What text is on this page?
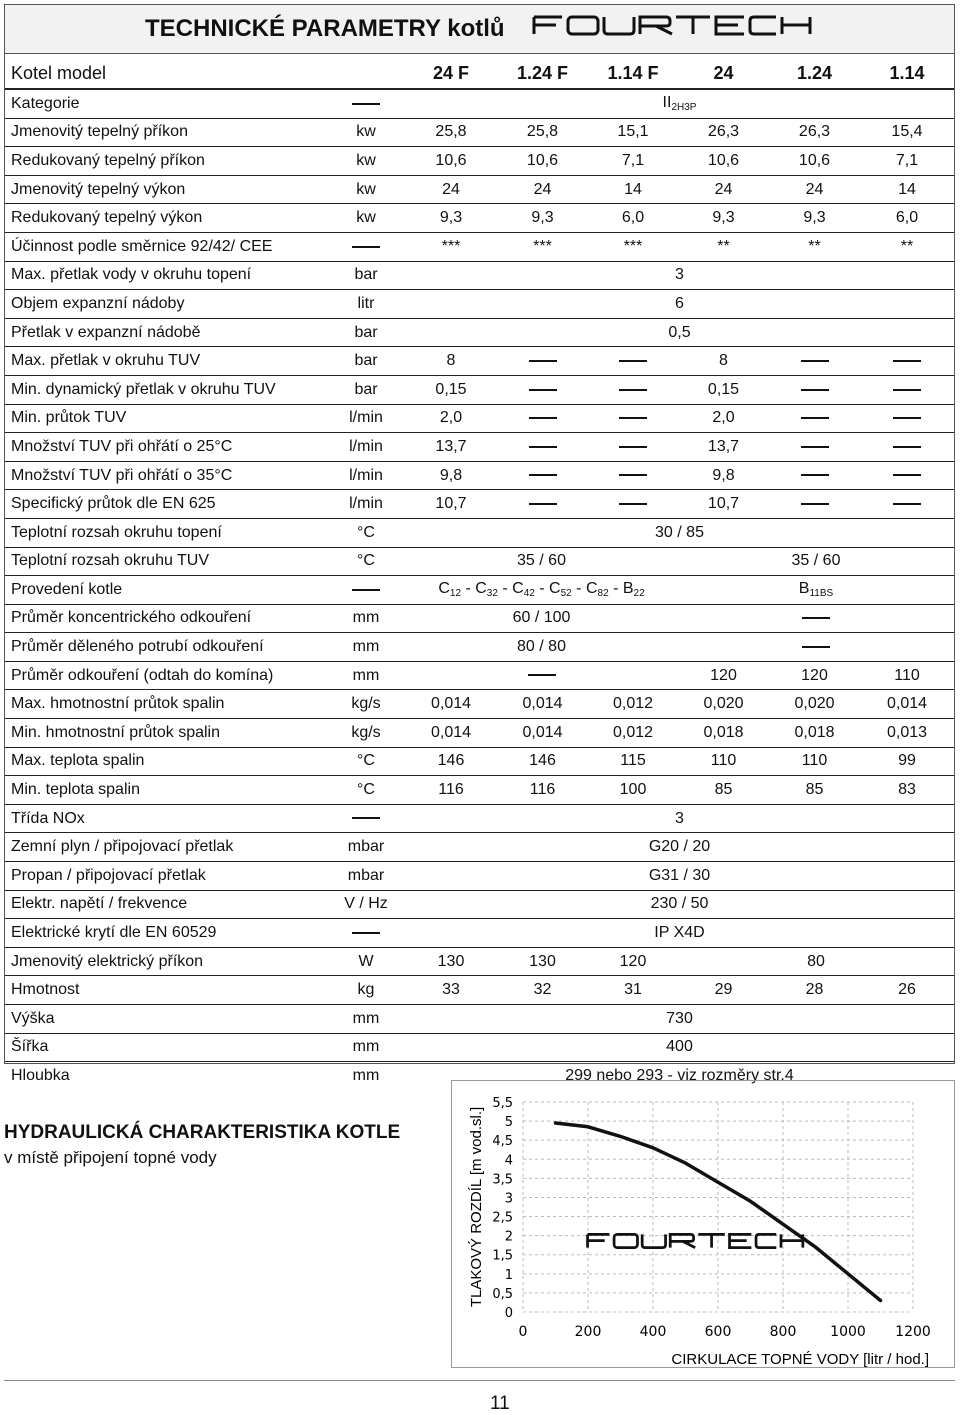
TECHNICKÉ PARAMETRY kotlů
Kotel model		24 F	1.24 F	1.14 F	24	1.24	1.14
Kategorie		$II_{2H3P}$
Jmenovitý tepelný příkon	kw	25,8	25,8	15,1	26,3	26,3	15,4
Redukovaný tepelný příkon	kw	10,6	10,6	7,1	10,6	10,6	7,1
Jmenovitý tepelný výkon	kw	24	24	14	24	24	14
Redukovaný tepelný výkon	kw	9,3	9,3	6,0	9,3	9,3	6,0
Účinnost podle směrnice 92/42/ CEE		***	***	***	**	**	**
Max. přetlak vody v okruhu topení	bar	3					
Objem expanzní nádoby	litr	6					
Přetlak v expanzní nádobě	bar	0,5					
Max. přetlak v okruhu TUV	bar	8			8		
Min. dynamický přetlak v okruhu TUV	bar	0,15			0,15		
Min. průtok TUV	l/min	2,0			2,0		
Množství TUV při ohřátí o 25°C	l/min	13,7			13,7		
Množství TUV při ohřátí o 35°C	l/min	9,8			9,8		
Specifický průtok dle EN 625	l/min	10,7			10,7		
Teplotní rozsah okruhu topení	°C	30 / 85					
Teplotní rozsah okruhu TUV	°C	35 / 60			35 / 60		
Provedení kotle		$C_{12} - C_{32} - C_{42} - C_{52} - C_{82} - B_{22}$			$B_{11BS}$
Průměr koncentrického odkouření	mm	60 / 100					
Průměr děleného potrubí odkouření	mm	80 / 80					
Průměr odkouření (odtah do komína)	mm				120	120	110
Max. hmotnostní průtok spalin	kg/s	0,014	0,014	0,012	0,020	0,020	0,014
Min. hmotnostní průtok spalin	kg/s	0,014	0,014	0,012	0,018	0,018	0,013
Max. teplota spalin	°C	146	146	115	110	110	99
Min. teplota spalin	°C	116	116	100	85	85	83
Třída NOx		3					
Zemní plyn / připojovací přetlak	mbar	G20 / 20					
Propan / připojovací přetlak	mbar	G31 / 30					
Elektr. napětí / frekvence	V / Hz	230 / 50					
Elektrické krytí dle EN 60529		IP X4D					
Jmenovitý elektrický příkon	W	130	130	120	80		
Hmotnost	kg	33	32	31	29	28	26
Výška	mm	730					
Šířka	mm	400					
Hloubka	mm	299 nebo 293 - viz rozměry str.4					
HYDRAULICKÁ CHARAKTERISTIKA KOTLE
v místě připojení topné vody
0	200	400	600	800 1000 1200
0
0,5
1
1,5
2
2,5
3
3,5
4
4,5
5
5,5
CIRKULACE TOPNÉ VODY [litr / hod.]
TLAKOVÝ ROZDÍL [m vod.sl.]
11
